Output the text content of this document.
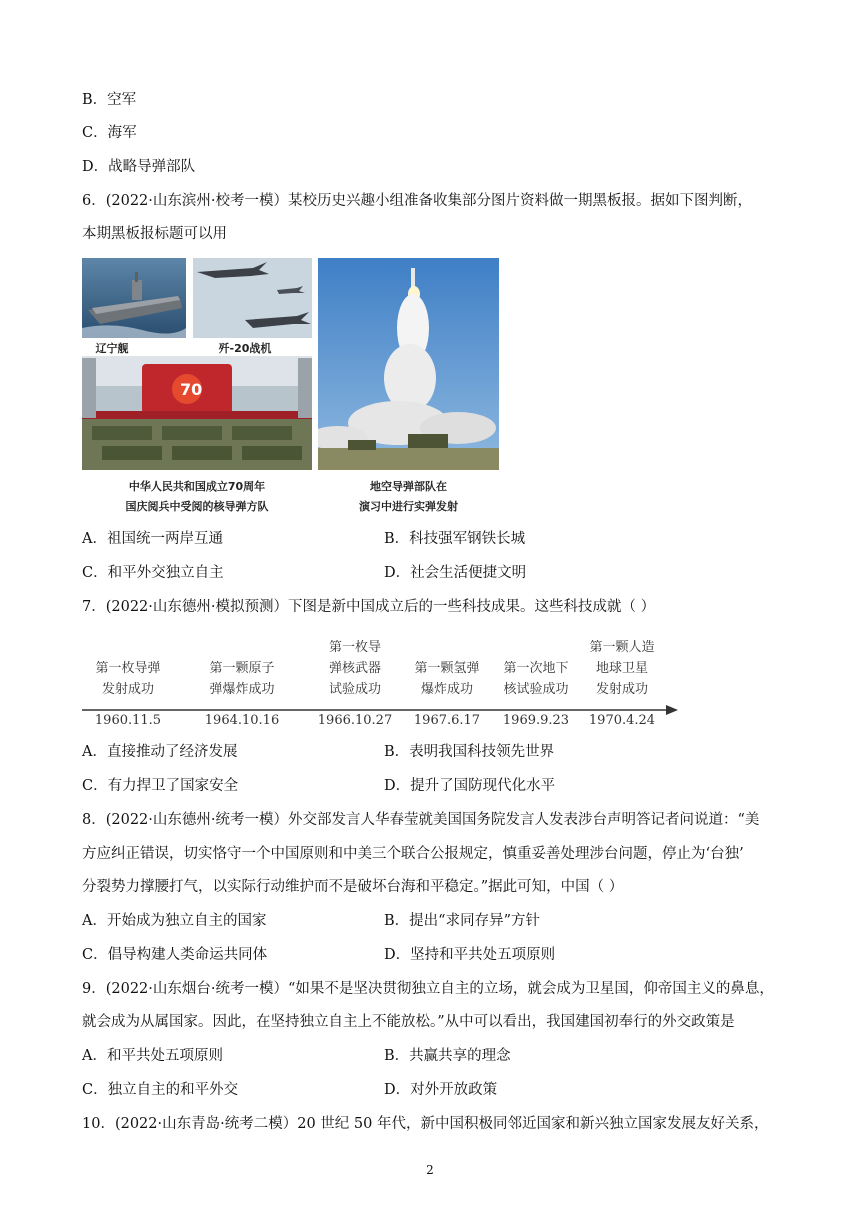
B．空军
C．海军
D．战略导弹部队
6．(2022·山东滨州·校考一模）某校历史兴趣小组准备收集部分图片资料做一期黑板报。据如下图判断，
本期黑板报标题可以用
辽宁舰	歼-20战机
70
中华人民共和国成立70周年
国庆阅兵中受阅的核导弹方队
地空导弹部队在
演习中进行实弹发射
A．祖国统一两岸互通	B．科技强军钢铁长城
C．和平外交独立自主	D．社会生活便捷文明
7．(2022·山东德州·模拟预测）下图是新中国成立后的一些科技成果。这些科技成就（ ）
第一枚导弹
发射成功
1960.11.5
第一颗原子
弹爆炸成功
1964.10.16
第一枚导
弹核武器
试验成功
1966.10.27
第一颗氢弹
爆炸成功
1967.6.17
第一次地下
核试验成功
1969.9.23
第一颗人造
地球卫星
发射成功
1970.4.24
A．直接推动了经济发展	B．表明我国科技领先世界
C．有力捍卫了国家安全	D．提升了国防现代化水平
8．(2022·山东德州·统考一模）外交部发言人华春莹就美国国务院发言人发表涉台声明答记者问说道：“美
方应纠正错误，切实恪守一个中国原则和中美三个联合公报规定，慎重妥善处理涉台问题，停止为‘台独’
分裂势力撑腰打气，以实际行动维护而不是破坏台海和平稳定。”据此可知，中国（ ）
A．开始成为独立自主的国家	B．提出“求同存异”方针
C．倡导构建人类命运共同体	D．坚持和平共处五项原则
9．(2022·山东烟台·统考一模）“如果不是坚决贯彻独立自主的立场，就会成为卫星国，仰帝国主义的鼻息，
就会成为从属国家。因此，在坚持独立自主上不能放松。”从中可以看出，我国建国初奉行的外交政策是
A．和平共处五项原则	B．共赢共享的理念
C．独立自主的和平外交	D．对外开放政策
10．(2022·山东青岛·统考二模）20 世纪 50 年代，新中国积极同邻近国家和新兴独立国家发展友好关系，
2
